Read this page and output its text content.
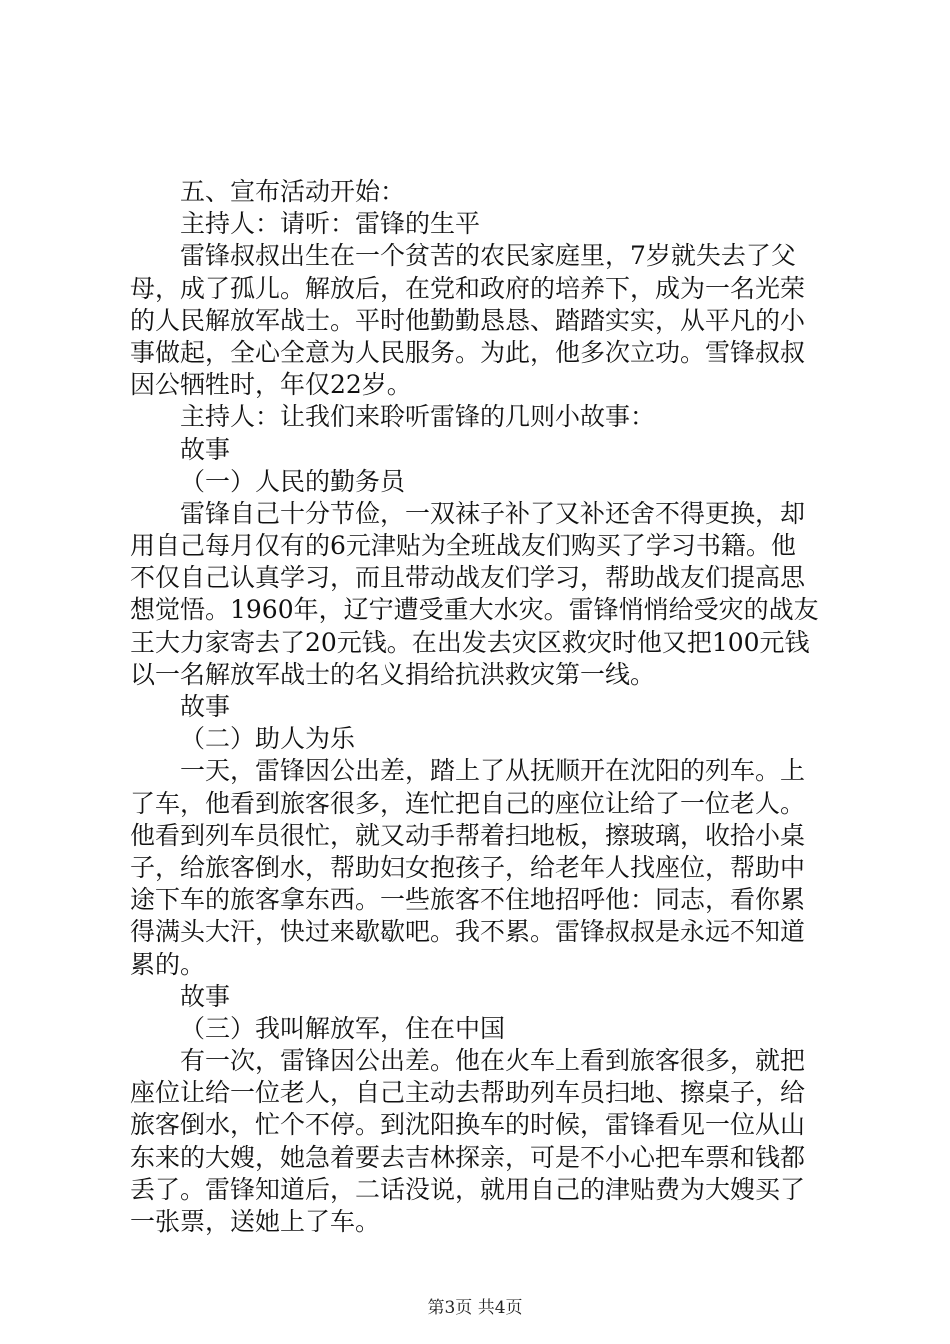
五、宣布活动开始：
主持人：请听：雷锋的生平
雷锋叔叔出生在一个贫苦的农民家庭里，7岁就失去了父
母，成了孤儿。解放后，在党和政府的培养下，成为一名光荣
的人民解放军战士。平时他勤勤恳恳、踏踏实实，从平凡的小
事做起，全心全意为人民服务。为此，他多次立功。雪锋叔叔
因公牺牲时，年仅22岁。
主持人：让我们来聆听雷锋的几则小故事：
故事
（一）人民的勤务员
雷锋自己十分节俭，一双袜子补了又补还舍不得更换，却
用自己每月仅有的6元津贴为全班战友们购买了学习书籍。他
不仅自己认真学习，而且带动战友们学习，帮助战友们提高思
想觉悟。1960年，辽宁遭受重大水灾。雷锋悄悄给受灾的战友
王大力家寄去了20元钱。在出发去灾区救灾时他又把100元钱
以一名解放军战士的名义捐给抗洪救灾第一线。
故事
（二）助人为乐
一天，雷锋因公出差，踏上了从抚顺开在沈阳的列车。上
了车，他看到旅客很多，连忙把自己的座位让给了一位老人。
他看到列车员很忙，就又动手帮着扫地板，擦玻璃，收拾小桌
子，给旅客倒水，帮助妇女抱孩子，给老年人找座位，帮助中
途下车的旅客拿东西。一些旅客不住地招呼他：同志，看你累
得满头大汗，快过来歇歇吧。我不累。雷锋叔叔是永远不知道
累的。
故事
（三）我叫解放军，住在中国
有一次，雷锋因公出差。他在火车上看到旅客很多，就把
座位让给一位老人，自己主动去帮助列车员扫地、擦桌子，给
旅客倒水，忙个不停。到沈阳换车的时候，雷锋看见一位从山
东来的大嫂，她急着要去吉林探亲，可是不小心把车票和钱都
丢了。雷锋知道后，二话没说，就用自己的津贴费为大嫂买了
一张票，送她上了车。
第3页 共4页
